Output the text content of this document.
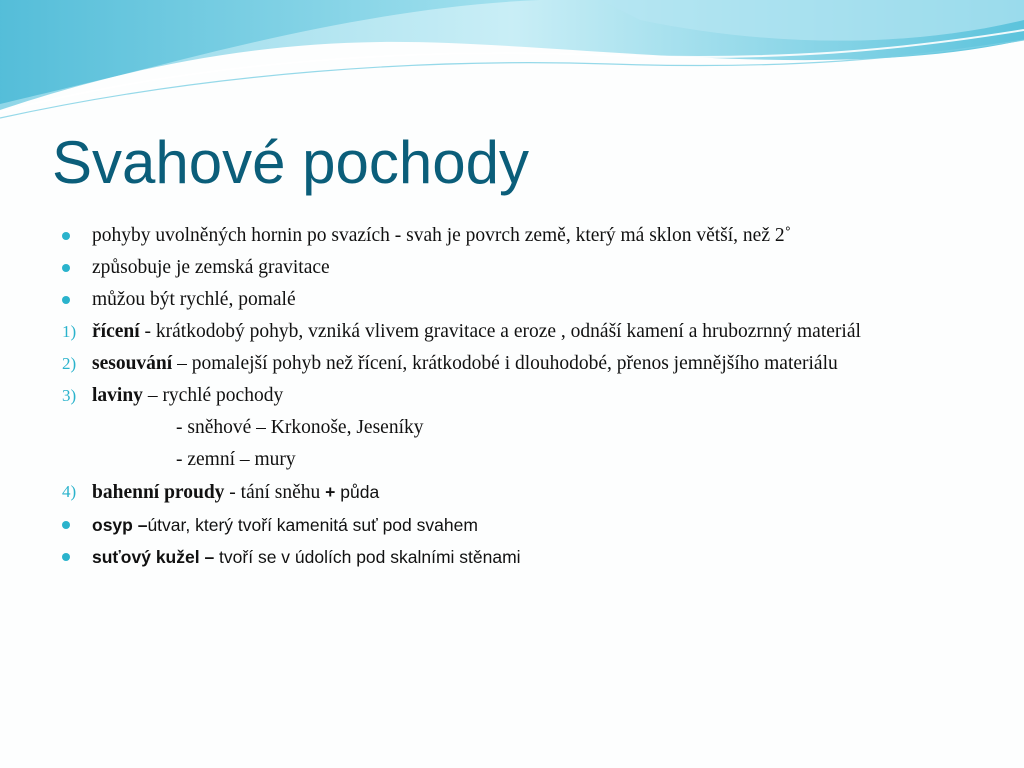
Svahové pochody
pohyby uvolněných hornin po svazích - svah je povrch země, který má sklon větší, než 2˚
způsobuje je zemská gravitace
můžou být rychlé, pomalé
1) řícení - krátkodobý pohyb, vzniká vlivem gravitace a eroze , odnáší kamení a hrubozrnný materiál
2) sesouvání – pomalejší pohyb než řícení, krátkodobé i dlouhodobé, přenos jemnějšího materiálu
3) laviny – rychlé pochody
- sněhové – Krkonoše, Jeseníky
- zemní – mury
4) bahenní proudy - tání sněhu + půda
osyp –útvar, který tvoří kamenitá suť pod svahem
suťový kužel – tvoří se v údolích pod skalními stěnami
